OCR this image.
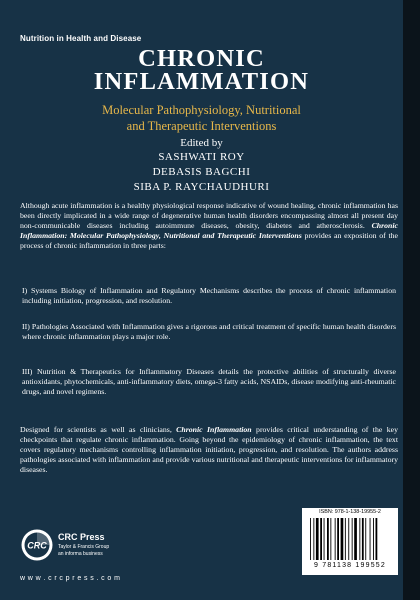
Nutrition in Health and Disease
CHRONIC
INFLAMMATION
Molecular Pathophysiology, Nutritional
and Therapeutic Interventions
Edited by
SASHWATI ROY
DEBASIS BAGCHI
SIBA P. RAYCHAUDHURI
Although acute inflammation is a healthy physiological response indicative of wound healing, chronic inflammation has been directly implicated in a wide range of degenerative human health disorders encompassing almost all present day non-communicable diseases including autoimmune diseases, obesity, diabetes and atherosclerosis. Chronic Inflammation: Molecular Pathophysiology, Nutritional and Therapeutic Interventions provides an exposition of the process of chronic inflammation in three parts:
I) Systems Biology of Inflammation and Regulatory Mechanisms describes the process of chronic inflammation including initiation, progression, and resolution.
II) Pathologies Associated with Inflammation gives a rigorous and critical treatment of specific human health disorders where chronic inflammation plays a major role.
III) Nutrition & Therapeutics for Inflammatory Diseases details the protective abilities of structurally diverse antioxidants, phytochemicals, anti-inflammatory diets, omega-3 fatty acids, NSAIDs, disease modifying anti-rheumatic drugs, and novel regimens.
Designed for scientists as well as clinicians, Chronic Inflammation provides critical understanding of the key checkpoints that regulate chronic inflammation. Going beyond the epidemiology of chronic inflammation, the text covers regulatory mechanisms controlling inflammation initiation, progression, and resolution. The authors address pathologies associated with inflammation and provide various nutritional and therapeutic interventions for inflammatory diseases.
CRC
CRC Press
Taylor & Francis Group
an informa business
w w w . c r c p r e s s . c o m
ISBN: 978-1-138-19955-2
9 781138 199552
